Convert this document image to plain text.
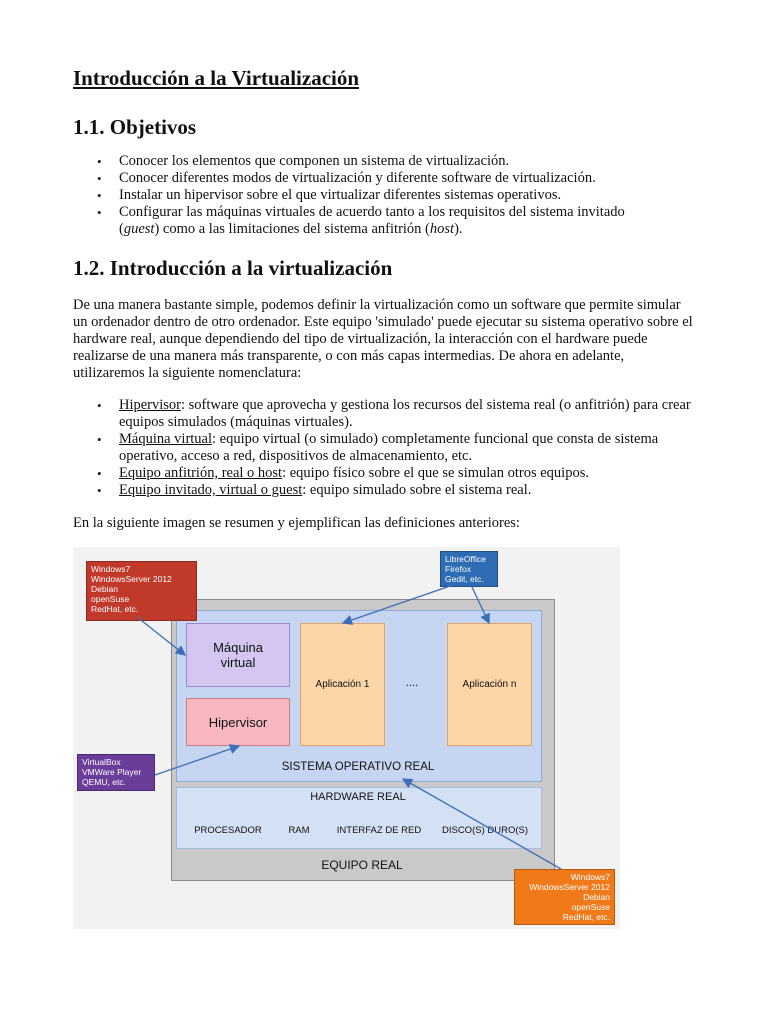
Introducción a la Virtualización
1.1. Objetivos
• Conocer los elementos que componen un sistema de virtualización.
• Conocer diferentes modos de virtualización y diferente software de virtualización.
• Instalar un hipervisor sobre el que virtualizar diferentes sistemas operativos.
• Configurar las máquinas virtuales de acuerdo tanto a los requisitos del sistema invitado
(guest) como a las limitaciones del sistema anfitrión (host).
1.2. Introducción a la virtualización

De una manera bastante simple, podemos definir la virtualización como un software que permite simular un ordenador dentro de otro ordenador. Este equipo 'simulado' puede ejecutar su sistema operativo sobre el hardware real, aunque dependiendo del tipo de virtualización, la interacción con el hardware puede realizarse de una manera más transparente, o con más capas intermedias. De ahora en adelante, utilizaremos la siguiente nomenclatura:

• Hipervisor: software que aprovecha y gestiona los recursos del sistema real (o anfitrión) para crear equipos simulados (máquinas virtuales).
• Máquina virtual: equipo virtual (o simulado) completamente funcional que consta de sistema operativo, acceso a red, dispositivos de almacenamiento, etc.
• Equipo anfitrión, real o host: equipo físico sobre el que se simulan otros equipos.
• Equipo invitado, virtual o guest: equipo simulado sobre el sistema real.

En la siguiente imagen se resumen y ejemplifican las definiciones anteriores:

EQUIPO REAL
SISTEMA OPERATIVO REAL
Máquina virtual
Hipervisor
Aplicación 1	....	Aplicación n
HARDWARE REAL
PROCESADOR	RAM	INTERFAZ DE RED	DISCO(S) DURO(S)
Windows7
WindowsServer 2012
Debian
openSuse
RedHat, etc.
LibreOffice
Firefox
Gedit, etc.
VirtualBox
VMWare Player
QEMU, etc.
Windows7
WindowsServer 2012
Debian
openSuse
RedHat, etc.
